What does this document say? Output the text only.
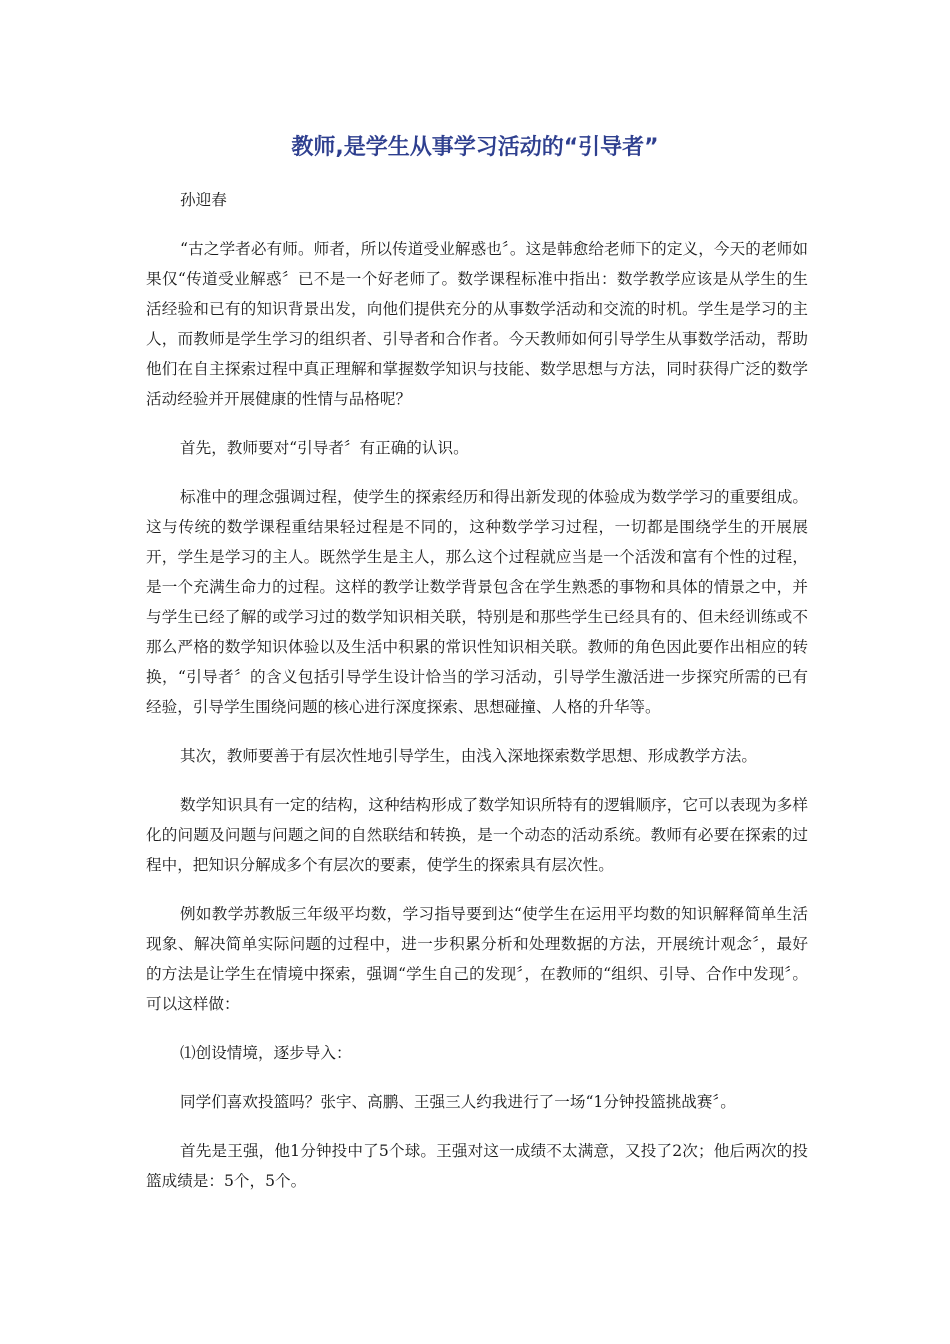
教师,是学生从事学习活动的“引导者”

孙迎春

“古之学者必有师。师者，所以传道受业解惑也〞。这是韩愈给老师下的定义，今天的老师如果仅“传道受业解惑〞已不是一个好老师了。数学课程标准中指出：数学教学应该是从学生的生活经验和已有的知识背景出发，向他们提供充分的从事数学活动和交流的时机。学生是学习的主人，而教师是学生学习的组织者、引导者和合作者。今天教师如何引导学生从事数学活动，帮助他们在自主探索过程中真正理解和掌握数学知识与技能、数学思想与方法，同时获得广泛的数学活动经验并开展健康的性情与品格呢？

首先，教师要对“引导者〞有正确的认识。

标准中的理念强调过程，使学生的探索经历和得出新发现的体验成为数学学习的重要组成。这与传统的数学课程重结果轻过程是不同的，这种数学学习过程，一切都是围绕学生的开展展开，学生是学习的主人。既然学生是主人，那么这个过程就应当是一个活泼和富有个性的过程，是一个充满生命力的过程。这样的教学让数学背景包含在学生熟悉的事物和具体的情景之中，并与学生已经了解的或学习过的数学知识相关联，特别是和那些学生已经具有的、但未经训练或不那么严格的数学知识体验以及生活中积累的常识性知识相关联。教师的角色因此要作出相应的转换，“引导者〞的含义包括引导学生设计恰当的学习活动，引导学生激活进一步探究所需的已有经验，引导学生围绕问题的核心进行深度探索、思想碰撞、人格的升华等。

其次，教师要善于有层次性地引导学生，由浅入深地探索数学思想、形成教学方法。

数学知识具有一定的结构，这种结构形成了数学知识所特有的逻辑顺序，它可以表现为多样化的问题及问题与问题之间的自然联结和转换，是一个动态的活动系统。教师有必要在探索的过程中，把知识分解成多个有层次的要素，使学生的探索具有层次性。

例如教学苏教版三年级平均数，学习指导要到达“使学生在运用平均数的知识解释简单生活现象、解决简单实际问题的过程中，进一步积累分析和处理数据的方法，开展统计观念〞，最好的方法是让学生在情境中探索，强调“学生自己的发现〞，在教师的“组织、引导、合作中发现〞。可以这样做：

⑴创设情境，逐步导入：

同学们喜欢投篮吗？张宇、高鹏、王强三人约我进行了一场“1分钟投篮挑战赛〞。

首先是王强，他1分钟投中了5个球。王强对这一成绩不太满意，又投了2次；他后两次的投篮成绩是：5个，5个。
